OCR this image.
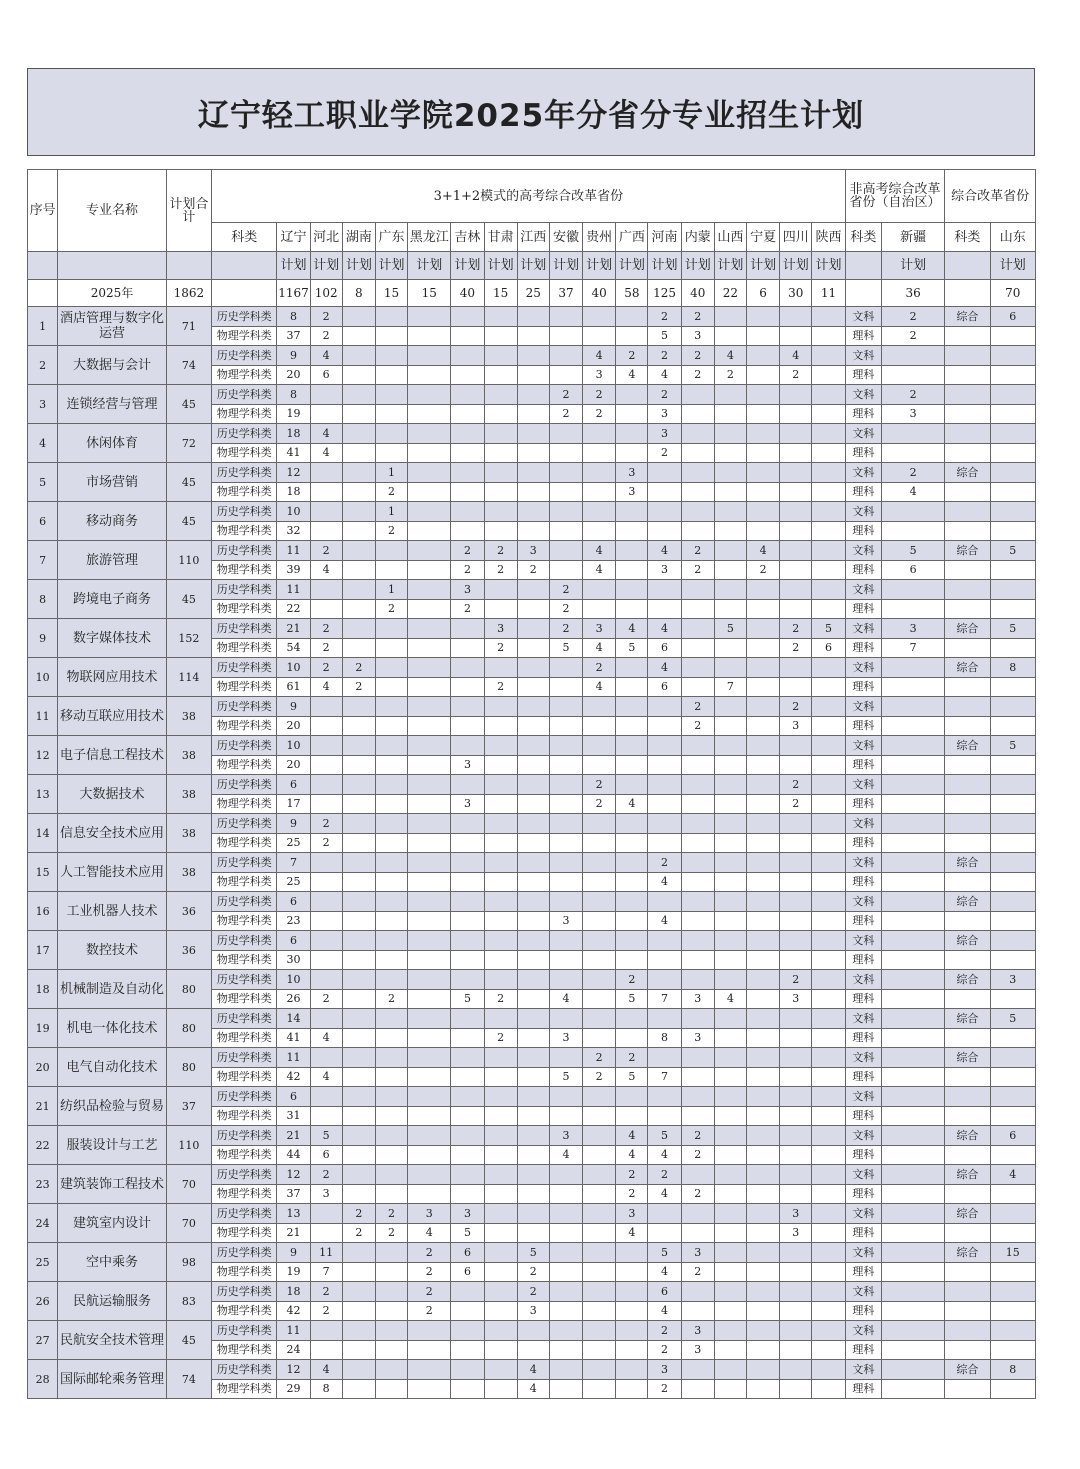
辽宁轻工职业学院2025年分省分专业招生计划
序号	专业名称	计划合计	3+1+2模式的高考综合改革省份																		非高考综合改革省份（自治区）		综合改革省份	
			科类	辽宁	河北	湖南	广东	黑龙江	吉林	甘肃	江西	安徽	贵州	广西	河南	内蒙	山西	宁夏	四川	陕西	科类	新疆	科类	山东
				计划	计划	计划	计划	计划	计划	计划	计划	计划	计划	计划	计划	计划	计划	计划	计划	计划		计划		计划
	2025年	1862		1167	102	8	15	15	40	15	25	37	40	58	125	40	22	6	30	11		36		70
1	酒店管理与数字化运营	71	历史学科类	8	2										2	2					文科	2	综合	6
			物理学科类	37	2										5	3					理科	2		
2	大数据与会计	74	历史学科类	9	4								4	2	2	2	4		4		文科			
			物理学科类	20	6								3	4	4	2	2		2		理科			
3	连锁经营与管理	45	历史学科类	8								2	2		2						文科	2		
			物理学科类	19								2	2		3						理科	3		
4	休闲体育	72	历史学科类	18	4										3						文科			
			物理学科类	41	4										2						理科			
5	市场营销	45	历史学科类	12			1							3							文科	2	综合	
			物理学科类	18			2							3							理科	4		
6	移动商务	45	历史学科类	10			1														文科			
			物理学科类	32			2														理科			
7	旅游管理	110	历史学科类	11	2				2	2	3		4		4	2		4			文科	5	综合	5
			物理学科类	39	4				2	2	2		4		3	2		2			理科	6		
8	跨境电子商务	45	历史学科类	11			1		3			2									文科			
			物理学科类	22			2		2			2									理科			
9	数字媒体技术	152	历史学科类	21	2					3		2	3	4	4		5		2	5	文科	3	综合	5
			物理学科类	54	2					2		5	4	5	6				2	6	理科	7		
10	物联网应用技术	114	历史学科类	10	2	2							2		4						文科		综合	8
			物理学科类	61	4	2				2			4		6		7				理科			
11	移动互联应用技术	38	历史学科类	9												2			2		文科			
			物理学科类	20												2			3		理科			
12	电子信息工程技术	38	历史学科类	10																	文科		综合	5
			物理学科类	20					3												理科			
13	大数据技术	38	历史学科类	6									2						2		文科			
			物理学科类	17					3				2	4					2		理科			
14	信息安全技术应用	38	历史学科类	9	2																文科			
			物理学科类	25	2																理科			
15	人工智能技术应用	38	历史学科类	7											2						文科		综合	
			物理学科类	25											4						理科			
16	工业机器人技术	36	历史学科类	6																	文科		综合	
			物理学科类	23								3			4						理科			
17	数控技术	36	历史学科类	6																	文科		综合	
			物理学科类	30																	理科			
18	机械制造及自动化	80	历史学科类	10										2					2		文科		综合	3
			物理学科类	26	2		2		5	2		4		5	7	3	4		3		理科			
19	机电一体化技术	80	历史学科类	14																	文科		综合	5
			物理学科类	41	4					2		3			8	3					理科			
20	电气自动化技术	80	历史学科类	11									2	2							文科		综合	
			物理学科类	42	4							5	2	5	7						理科			
21	纺织品检验与贸易	37	历史学科类	6																	文科			
			物理学科类	31																	理科			
22	服装设计与工艺	110	历史学科类	21	5							3		4	5	2					文科		综合	6
			物理学科类	44	6							4		4	4	2					理科			
23	建筑装饰工程技术	70	历史学科类	12	2									2	2						文科		综合	4
			物理学科类	37	3									2	4	2					理科			
24	建筑室内设计	70	历史学科类	13		2	2	3	3					3					3		文科		综合	
			物理学科类	21		2	2	4	5					4					3		理科			
25	空中乘务	98	历史学科类	9	11			2	6		5				5	3					文科		综合	15
			物理学科类	19	7			2	6		2				4	2					理科			
26	民航运输服务	83	历史学科类	18	2			2			2				6						文科			
			物理学科类	42	2			2			3				4						理科			
27	民航安全技术管理	45	历史学科类	11											2	3					文科			
			物理学科类	24											2	3					理科			
28	国际邮轮乘务管理	74	历史学科类	12	4						4				3						文科		综合	8
			物理学科类	29	8						4				2						理科			
